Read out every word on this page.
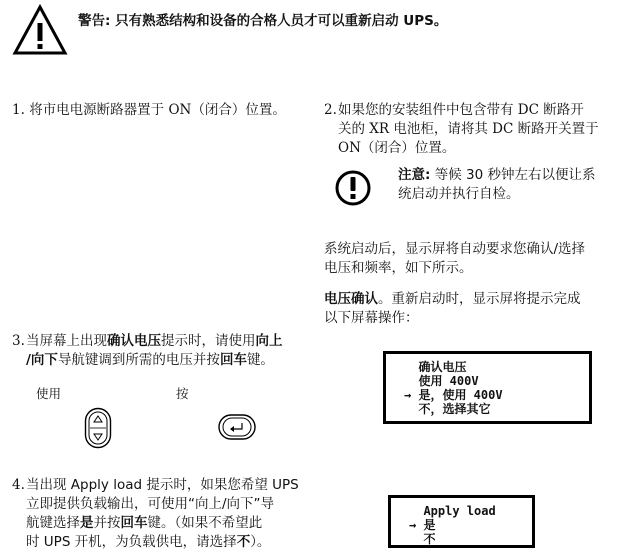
警告: 只有熟悉结构和设备的合格人员才可以重新启动 UPS。
1. 将市电电源断路器置于 ON（闭合）位置。	2. 如果您的安装组件中包含带有 DC 断路开
关的 XR 电池柜，请将其 DC 断路开关置于
ON（闭合）位置。
注意: 等候 30 秒钟左右以便让系
统启动并执行自检。
系统启动后，显示屏将自动要求您确认/选择
电压和频率，如下所示。
电压确认。重新启动时，显示屏将提示完成
以下屏幕操作：
3. 当屏幕上出现确认电压提示时，请使用向上
/向下导航键调到所需的电压并按回车键。
使用	按
确认电压
使用 400V
→ 是，使用 400V
不，选择其它
4. 当出现 Apply load 提示时，如果您希望 UPS
立即提供负载输出，可使用“向上/向下”导
航键选择是并按回车键。（如果不希望此
时 UPS 开机，为负载供电，请选择不）。
Apply load
→ 是
不
